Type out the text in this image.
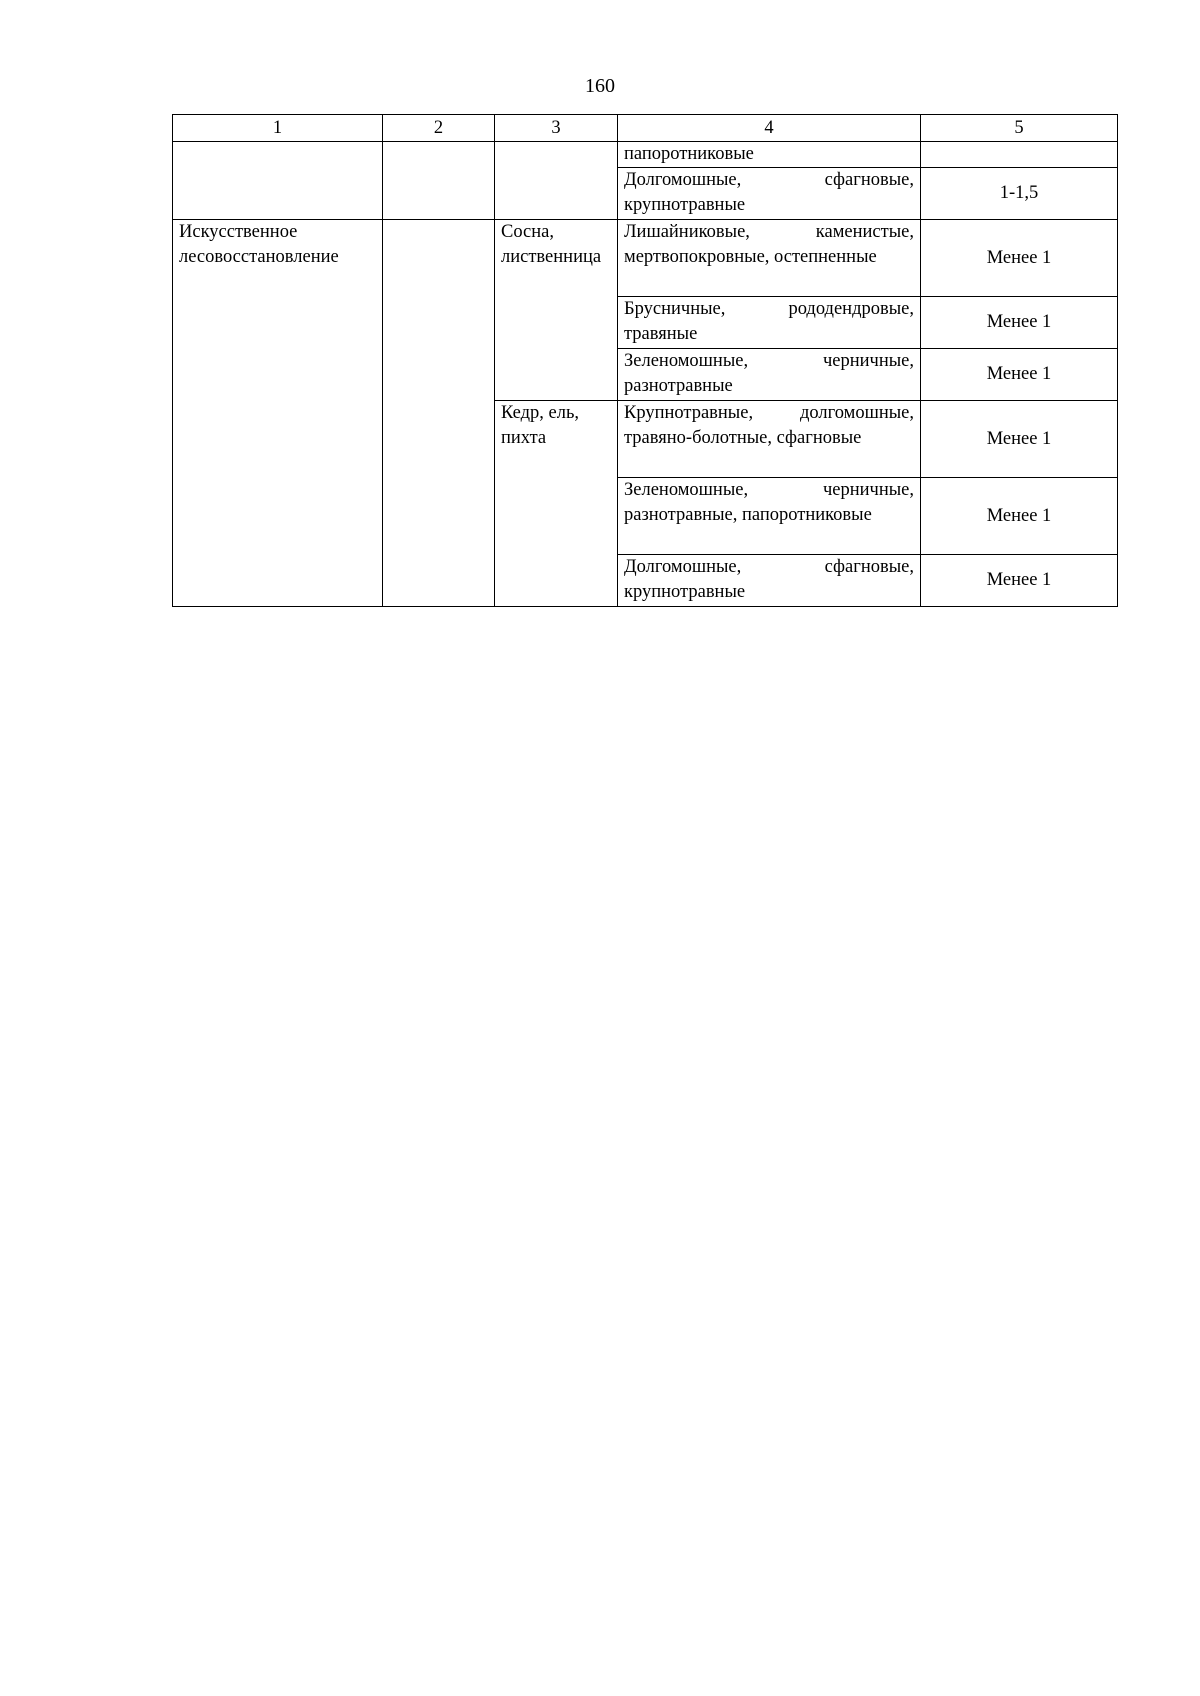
160
1	2	3	4	5
			папоротниковые	
			Долгомошные, сфагновые, крупнотравные	1-1,5
Искусственное лесовосстановление		Сосна, лиственница	Лишайниковые, каменистые, мертвопокровные, остепненные	Менее 1
			Брусничные, рододендровые, травяные	Менее 1
			Зеленомошные, черничные, разнотравные	Менее 1
		Кедр, ель, пихта	Крупнотравные, долгомошные, травяно-болотные, сфагновые	Менее 1
			Зеленомошные, черничные, разнотравные, папоротниковые	Менее 1
			Долгомошные, сфагновые, крупнотравные	Менее 1
